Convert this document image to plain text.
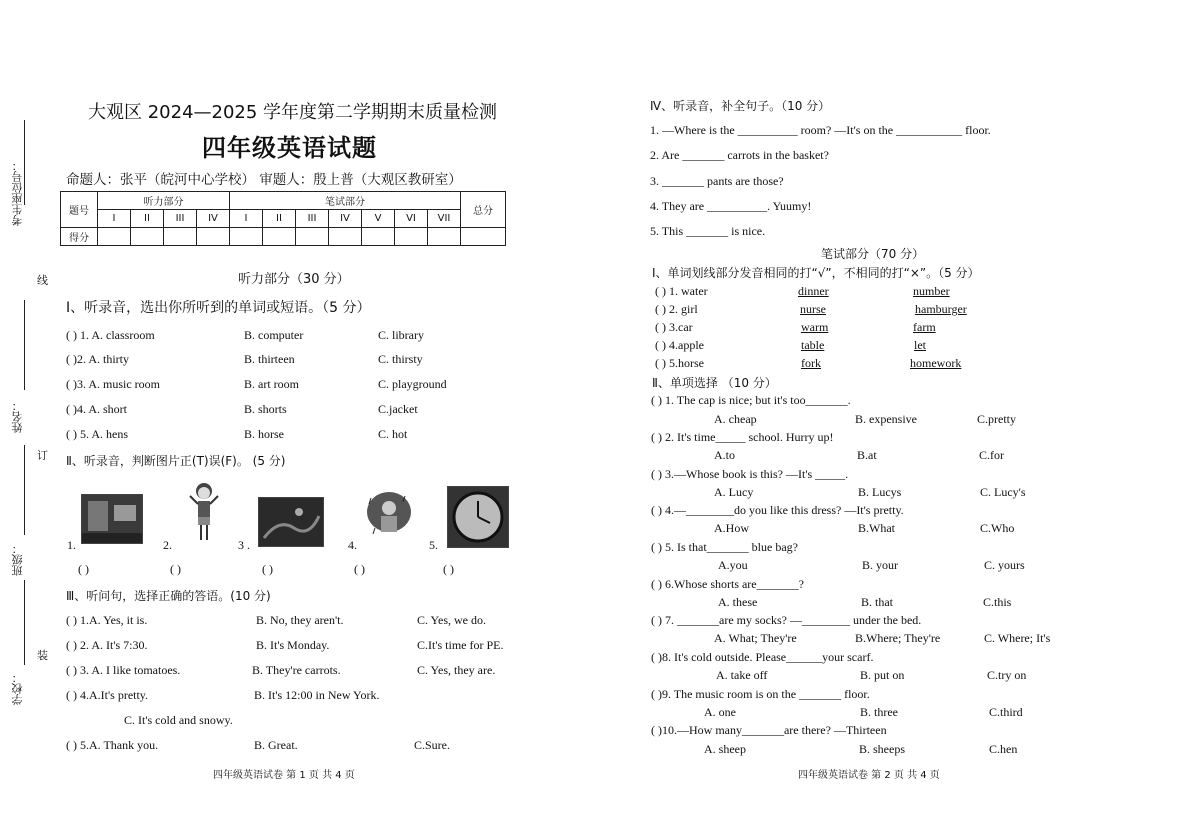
考生座位号：
线
姓名：
订
班级：
装
学校：
大观区 2024—2025 学年度第二学期期末质量检测
四年级英语试题
命题人：张平（皖河中心学校） 审题人：殷上普（大观区教研室）
题号	听力部分				笔试部分							总分
	I	II	III	IV	I	II	III	IV	V	VI	VII	
得分												
听力部分（30 分）
Ⅰ、听录音，选出你所听到的单词或短语。（5 分）
( ) 1. A. classroom	B. computer	C. library
( )2. A. thirty	B. thirteen	C. thirsty
( )3. A. music room	B. art room	C. playground
( )4. A. short	B. shorts	C.jacket
( ) 5. A. hens	B. horse	C. hot
Ⅱ、听录音，判断图片正(T)误(F)。 (5 分)
1.	2.	3 .	4.	5.
( )	( )	( )	( )	( )
Ⅲ、听问句，选择正确的答语。(10 分)
( ) 1.A. Yes, it is.	B. No, they aren't.	C. Yes, we do.
( ) 2. A. It's 7:30.	B. It's Monday.	C.It's time for PE.
( ) 3. A. I like tomatoes.	B. They're carrots.	C. Yes, they are.
( ) 4.A.It's pretty.	B. It's 12:00 in New York.
C. It's cold and snowy.
( ) 5.A. Thank you.	B. Great.	C.Sure.
四年级英语试卷 第 1 页 共 4 页
Ⅳ、听录音，补全句子。（10 分）
1. —Where is the __________ room? —It's on the ___________ floor.
2. Are _______ carrots in the basket?
3. _______ pants are those?
4. They are __________. Yuumy!
5. This _______ is nice.
笔试部分（70 分）
Ⅰ、单词划线部分发音相同的打“√”，不相同的打“×”。（5 分）
( ) 1. water	dinner	number
( ) 2. girl	nurse	hamburger
( ) 3.car	warm	farm
( ) 4.apple	table	let
( ) 5.horse	fork	homework
Ⅱ、单项选择 （10 分）
( ) 1. The cap is nice; but it's too_______.
A. cheap	B. expensive	C.pretty
( ) 2. It's time_____ school. Hurry up!
A.to	B.at	C.for
( ) 3.—Whose book is this? —It's _____.
A. Lucy	B. Lucys	C. Lucy's
( ) 4.—________do you like this dress? —It's pretty.
A.How	B.What	C.Who
( ) 5. Is that_______ blue bag?
A.you	B. your	C. yours
( ) 6.Whose shorts are_______?
A. these	B. that	C.this
( ) 7. _______are my socks? —________ under the bed.
A. What; They're	B.Where; They're	C. Where; It's
( )8. It's cold outside. Please______your scarf.
A. take off	B. put on	C.try on
( )9. The music room is on the _______ floor.
A. one	B. three	C.third
( )10.—How many_______are there? —Thirteen
A. sheep	B. sheeps	C.hen
四年级英语试卷 第 2 页 共 4 页
